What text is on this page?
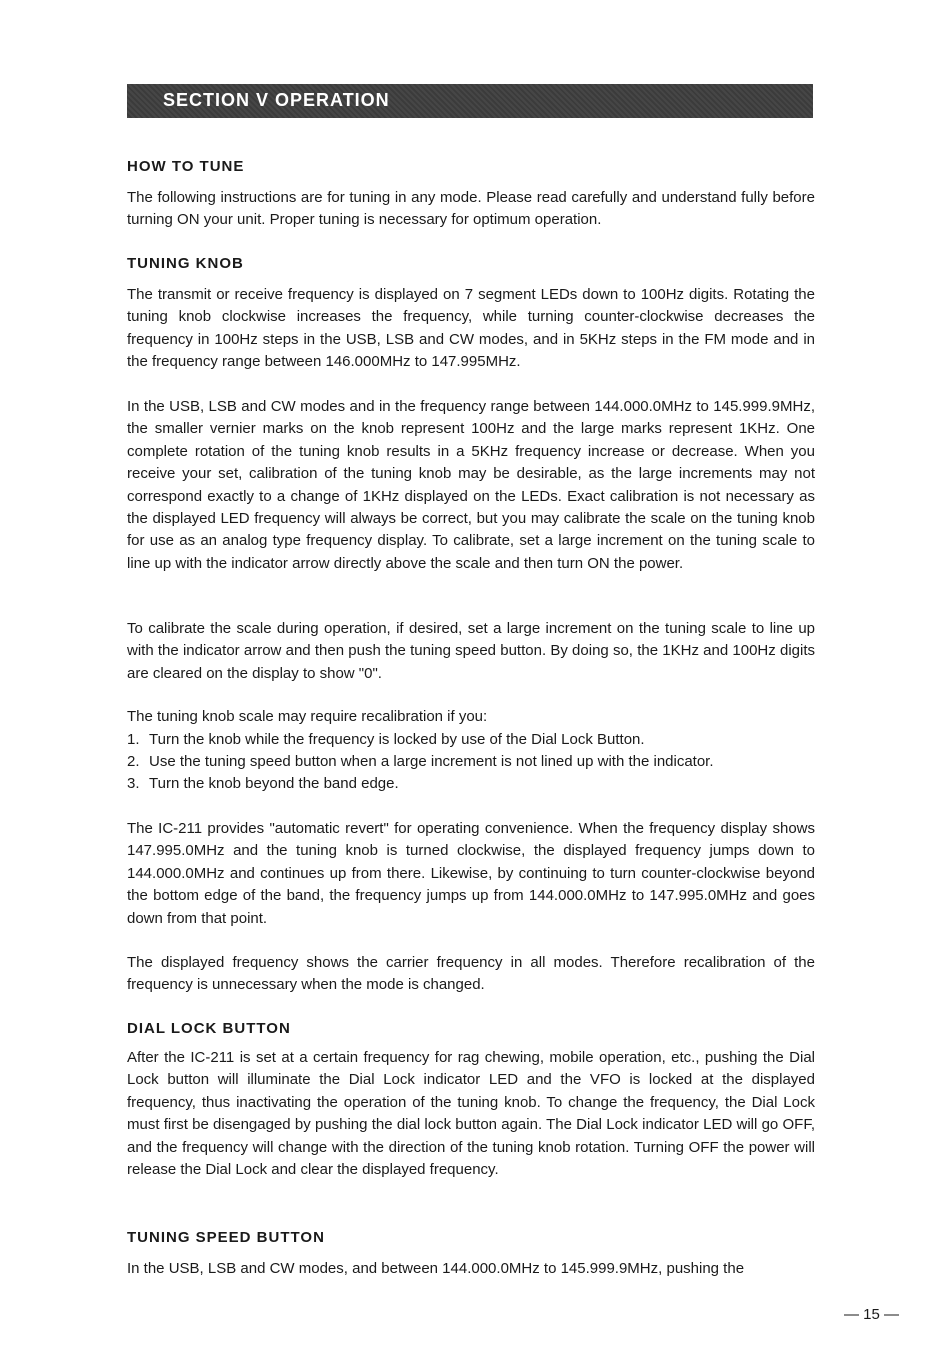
SECTION V OPERATION
HOW TO TUNE

The following instructions are for tuning in any mode. Please read carefully and understand fully before turning ON your unit. Proper tuning is necessary for optimum operation.

TUNING KNOB

The transmit or receive frequency is displayed on 7 segment LEDs down to 100Hz digits. Rotating the tuning knob clockwise increases the frequency, while turning counter-clockwise decreases the frequency in 100Hz steps in the USB, LSB and CW modes, and in 5KHz steps in the FM mode and in the frequency range between 146.000MHz to 147.995MHz.

In the USB, LSB and CW modes and in the frequency range between 144.000.0MHz to 145.999.9MHz, the smaller vernier marks on the knob represent 100Hz and the large marks represent 1KHz. One complete rotation of the tuning knob results in a 5KHz frequency increase or decrease. When you receive your set, calibration of the tuning knob may be desirable, as the large increments may not correspond exactly to a change of 1KHz displayed on the LEDs. Exact calibration is not necessary as the displayed LED frequency will always be correct, but you may calibrate the scale on the tuning knob for use as an analog type frequency display. To calibrate, set a large increment on the tuning scale to line up with the indicator arrow directly above the scale and then turn ON the power.

To calibrate the scale during operation, if desired, set a large increment on the tuning scale to line up with the indicator arrow and then push the tuning speed button. By doing so, the 1KHz and 100Hz digits are cleared on the display to show "0".

The tuning knob scale may require recalibration if you:

1. Turn the knob while the frequency is locked by use of the Dial Lock Button.

2. Use the tuning speed button when a large increment is not lined up with the indicator.

3. Turn the knob beyond the band edge.

The IC-211 provides "automatic revert" for operating convenience. When the frequency display shows 147.995.0MHz and the tuning knob is turned clockwise, the displayed frequency jumps down to 144.000.0MHz and continues up from there. Likewise, by continuing to turn counter-clockwise beyond the bottom edge of the band, the frequency jumps up from 144.000.0MHz to 147.995.0MHz and goes down from that point.

The displayed frequency shows the carrier frequency in all modes. Therefore recalibration of the frequency is unnecessary when the mode is changed.

DIAL LOCK BUTTON

After the IC-211 is set at a certain frequency for rag chewing, mobile operation, etc., pushing the Dial Lock button will illuminate the Dial Lock indicator LED and the VFO is locked at the displayed frequency, thus inactivating the operation of the tuning knob. To change the frequency, the Dial Lock must first be disengaged by pushing the dial lock button again. The Dial Lock indicator LED will go OFF, and the frequency will change with the direction of the tuning knob rotation. Turning OFF the power will release the Dial Lock and clear the displayed frequency.

TUNING SPEED BUTTON

In the USB, LSB and CW modes, and between 144.000.0MHz to 145.999.9MHz, pushing the

— 15 —
